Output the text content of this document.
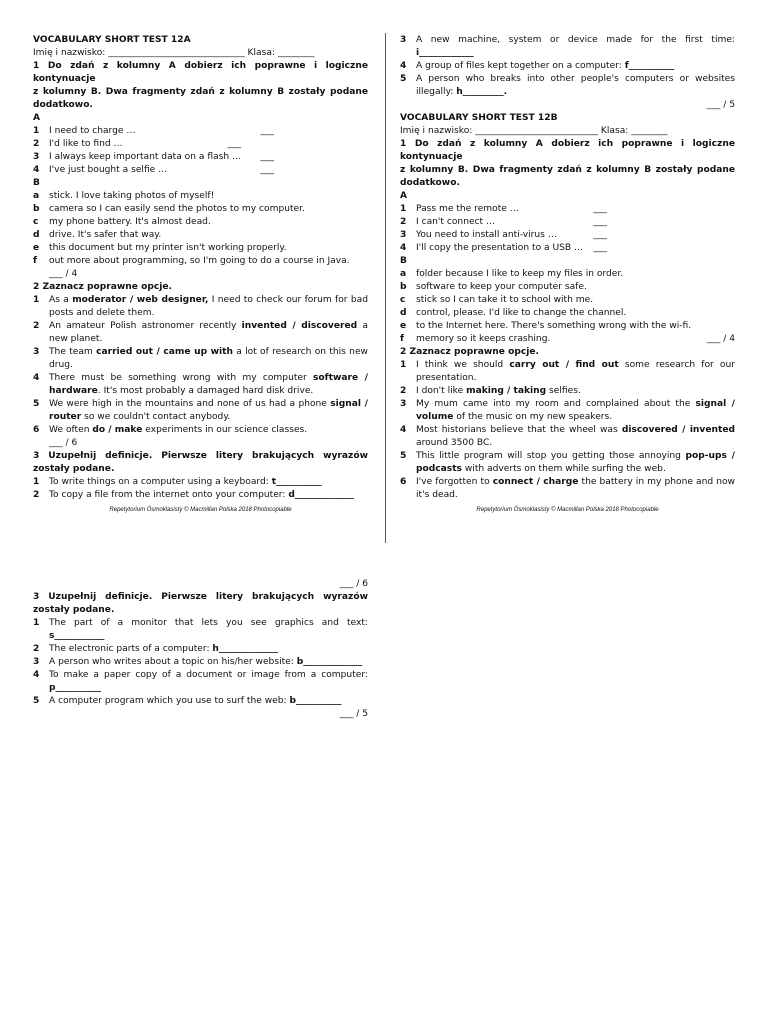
VOCABULARY SHORT TEST 12A
Imię i nazwisko: ______________________________ Klasa: ________
1 Do zdań z kolumny A dobierz ich poprawne i logiczne kontynuacje
z kolumny B. Dwa fragmenty zdań z kolumny B zostały podane dodatkowo.
A
1	I need to charge …	___
2	I'd like to find …	___
3	I always keep important data on a flash … ___
4	I've just bought a selfie …	___
B
a	stick. I love taking photos of myself!
b	camera so I can easily send the photos to my computer.
c	my phone battery. It's almost dead.
d	drive. It's safer that way.
e	this document but my printer isn't working properly.
f	out more about programming, so I'm going to do a course in Java.
___ / 4
2 Zaznacz poprawne opcje.
1	As a moderator / web designer, I need to check our forum for bad posts and delete them.
2	An amateur Polish astronomer recently invented / discovered a new planet.
3	The team carried out / came up with a lot of research on this new drug.
4	There must be something wrong with my computer software / hardware. It's most probably a damaged hard disk drive.
5	We were high in the mountains and none of us had a phone signal / router so we couldn't contact anybody.
6	We often do / make experiments in our science classes.
___ / 6
3 Uzupełnij definicje. Pierwsze litery brakujących wyrazów zostały podane.
1	To write things on a computer using a keyboard: t__________
2	To copy a file from the internet onto your computer: d_____________
Repetytorium Ósmoklasisty © Macmillan Polska 2018 Photocopiable
3	A new machine, system or device made for the first time: i____________
4	A group of files kept together on a computer: f__________
5	A person who breaks into other people's computers or websites illegally: h_________.
___ / 5
VOCABULARY SHORT TEST 12B
Imię i nazwisko: ___________________________ Klasa: ________
1 Do zdań z kolumny A dobierz ich poprawne i logiczne kontynuacje
z kolumny B. Dwa fragmenty zdań z kolumny B zostały podane dodatkowo.
A
1	Pass me the remote …	___
2	I can't connect …	___
3	You need to install anti-virus …	___
4	I'll copy the presentation to a USB … ___
B
a	folder because I like to keep my files in order.
b	software to keep your computer safe.
c	stick so I can take it to school with me.
d	control, please. I'd like to change the channel.
e	to the Internet here. There's something wrong with the wi-fi.
f	memory so it keeps crashing.	___ / 4
2 Zaznacz poprawne opcje.
1	I think we should carry out / find out some research for our presentation.
2	I don't like making / taking selfies.
3	My mum came into my room and complained about the signal / volume of the music on my new speakers.
4	Most historians believe that the wheel was discovered / invented around 3500 BC.
5	This little program will stop you getting those annoying pop-ups / podcasts with adverts on them while surfing the web.
6	I've forgotten to connect / charge the battery in my phone and now it's dead.
Repetytorium Ósmoklasisty © Macmillan Polska 2018 Photocopiable
___ / 6
3 Uzupełnij definicje. Pierwsze litery brakujących wyrazów zostały podane.
1	The part of a monitor that lets you see graphics and text: s___________
2	The electronic parts of a computer: h_____________
3	A person who writes about a topic on his/her website: b_____________
4	To make a paper copy of a document or image from a computer: p__________
5	A computer program which you use to surf the web: b__________
___ / 5
